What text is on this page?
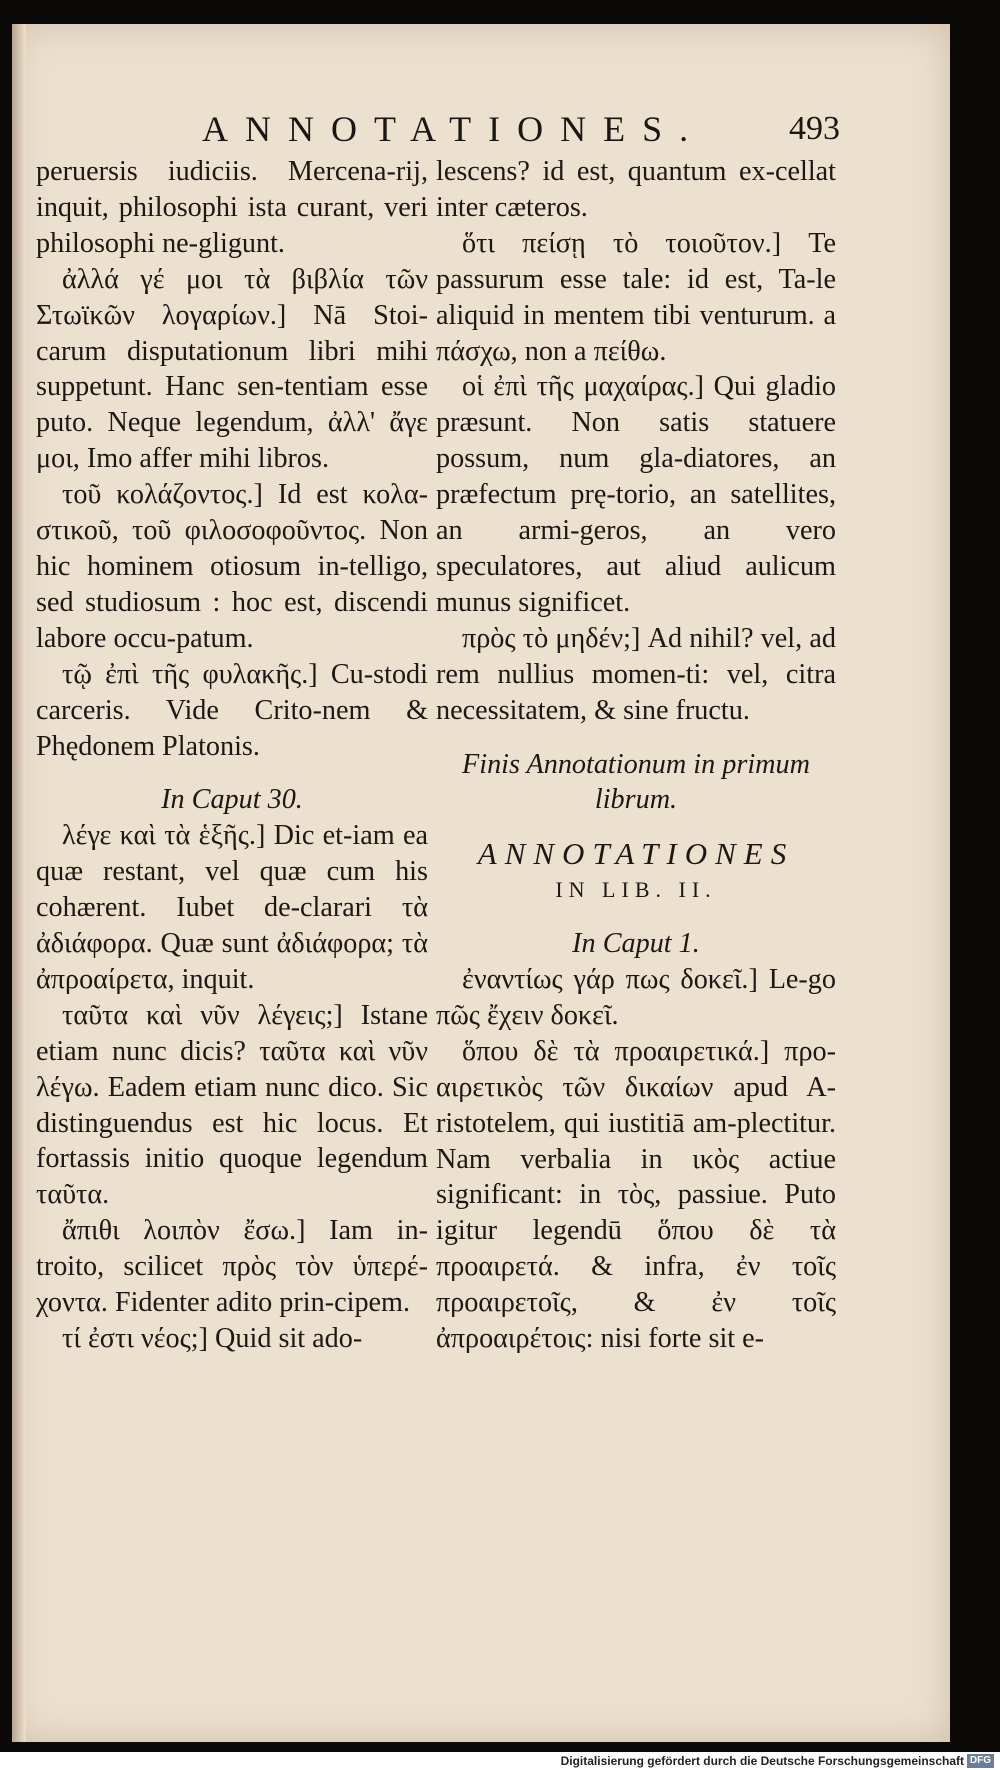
ANNOTATIONES. 493

peruersis iudiciis. Mercena-rij, inquit, philosophi ista curant, veri philosophi ne-gligunt.

ἀλλά γέ μοι τὰ βιβλία τῶν Στωϊκῶν λογαρίων.] Nā Stoi-carum disputationum libri mihi suppetunt. Hanc sen-tentiam esse puto. Neque legendum, ἀλλ' ἄγε μοι, Imo affer mihi libros.

τοῦ κολάζοντος.] Id est κολα-στικοῦ, τοῦ φιλοσοφοῦντος. Non hic hominem otiosum in-telligo, sed studiosum : hoc est, discendi labore occu-patum.

τῷ ἐπὶ τῆς φυλακῆς.] Cu-stodi carceris. Vide Crito-nem & Phędonem Platonis.

In Caput 30.

λέγε καὶ τὰ ἑξῆς.] Dic et-iam ea quæ restant, vel quæ cum his cohærent. Iubet de-clarari τὰ ἀδιάφορα. Quæ sunt ἀδιάφορα; τὰ ἀπροαίρετα, inquit.

ταῦτα καὶ νῦν λέγεις;] Istane etiam nunc dicis? ταῦτα καὶ νῦν λέγω. Eadem etiam nunc dico. Sic distinguendus est hic locus. Et fortassis initio quoque legendum ταῦτα.

ἄπιθι λοιπὸν ἔσω.] Iam in-troito, scilicet πρὸς τὸν ὑπερέ-χοντα. Fidenter adito prin-cipem.

τί ἐστι νέος;] Quid sit ado-

lescens? id est, quantum ex-cellat inter cæteros.

ὅτι πείσῃ τὸ τοιοῦτον.] Te passurum esse tale: id est, Ta-le aliquid in mentem tibi venturum. a πάσχω, non a πείθω.

οἱ ἐπὶ τῆς μαχαίρας.] Qui gladio præsunt. Non satis statuere possum, num gla-diatores, an præfectum prę-torio, an satellites, an armi-geros, an vero speculatores, aut aliud aulicum munus significet.

πρὸς τὸ μηδέν;] Ad nihil? vel, ad rem nullius momen-ti: vel, citra necessitatem, & sine fructu.

Finis Annotationum in primum librum.

ANNOTATIONES

IN LIB. II.

In Caput 1.

ἐναντίως γάρ πως δοκεῖ.] Le-go πῶς ἔχειν δοκεῖ.

ὅπου δὲ τὰ προαιρετικά.] προ-αιρετικὸς τῶν δικαίων apud A-ristotelem, qui iustitiā am-plectitur. Nam verbalia in ικὸς actiue significant: in τὸς, passiue. Puto igitur legendū ὅπου δὲ τὰ προαιρετά. & infra, ἐν τοῖς προαιρετοῖς, & ἐν τοῖς ἀπροαιρέτοις: nisi forte sit e-

Digitalisierung gefördert durch die Deutsche Forschungsgemeinschaft DFG
